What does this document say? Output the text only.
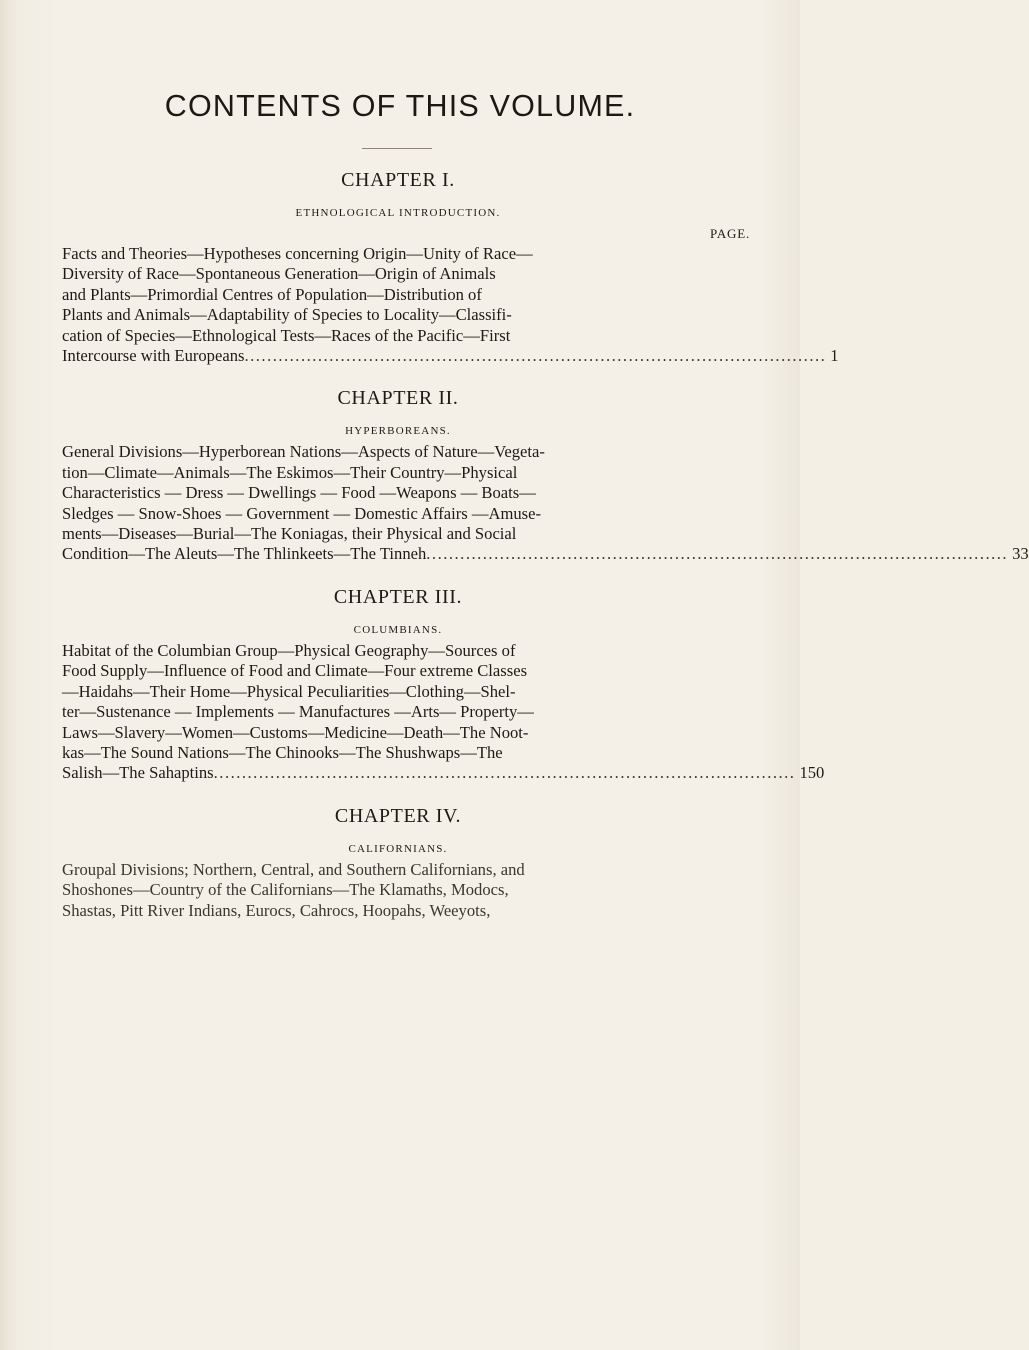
CONTENTS OF THIS VOLUME.
CHAPTER I.
ETHNOLOGICAL INTRODUCTION.
PAGE.
Facts and Theories—Hypotheses concerning Origin—Unity of Race—
Diversity of Race—Spontaneous Generation—Origin of Animals
and Plants—Primordial Centres of Population—Distribution of
Plants and Animals—Adaptability of Species to Locality—Classifi-
cation of Species—Ethnological Tests—Races of the Pacific—First
Intercourse with Europeans ....................................................................................................... 1
CHAPTER II.
HYPERBOREANS.
General Divisions—Hyperborean Nations—Aspects of Nature—Vegeta-
tion—Climate—Animals—The Eskimos—Their Country—Physical
Characteristics — Dress — Dwellings — Food —Weapons — Boats—
Sledges — Snow-Shoes — Government — Domestic Affairs —Amuse-
ments—Diseases—Burial—The Koniagas, their Physical and Social
Condition—The Aleuts—The Thlinkeets—The Tinneh ....................................................................................................... 33
CHAPTER III.
COLUMBIANS.
Habitat of the Columbian Group—Physical Geography—Sources of
Food Supply—Influence of Food and Climate—Four extreme Classes
—Haidahs—Their Home—Physical Peculiarities—Clothing—Shel-
ter—Sustenance — Implements — Manufactures —Arts— Property—
Laws—Slavery—Women—Customs—Medicine—Death—The Noot-
kas—The Sound Nations—The Chinooks—The Shushwaps—The
Salish—The Sahaptins ....................................................................................................... 150
CHAPTER IV.
CALIFORNIANS.
Groupal Divisions; Northern, Central, and Southern Californians, and
Shoshones—Country of the Californians—The Klamaths, Modocs,
Shastas, Pitt River Indians, Eurocs, Cahrocs, Hoopahs, Weeyots,
